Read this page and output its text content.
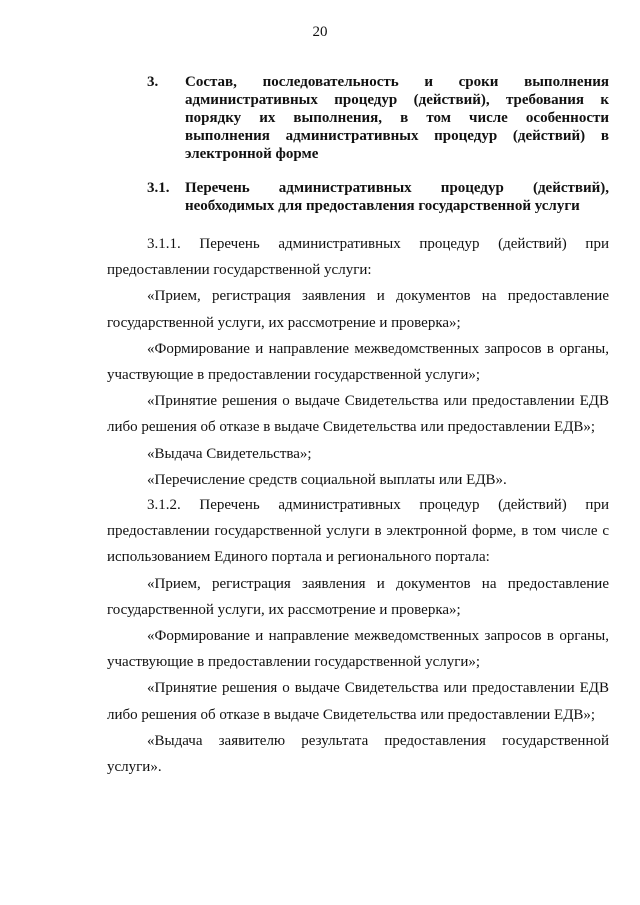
20
3. Состав, последовательность и сроки выполнения административных процедур (действий), требования к порядку их выполнения, в том числе особенности выполнения административных процедур (действий) в электронной форме
3.1. Перечень административных процедур (действий), необходимых для предоставления государственной услуги

3.1.1. Перечень административных процедур (действий) при предоставлении государственной услуги:

«Прием, регистрация заявления и документов на предоставление государственной услуги, их рассмотрение и проверка»;

«Формирование и направление межведомственных запросов в органы, участвующие в предоставлении государственной услуги»;

«Принятие решения о выдаче Свидетельства или предоставлении ЕДВ либо решения об отказе в выдаче Свидетельства или предоставлении ЕДВ»;

«Выдача Свидетельства»;

«Перечисление средств социальной выплаты или ЕДВ».

3.1.2. Перечень административных процедур (действий) при предоставлении государственной услуги в электронной форме, в том числе с использованием Единого портала и регионального портала:

«Прием, регистрация заявления и документов на предоставление государственной услуги, их рассмотрение и проверка»;

«Формирование и направление межведомственных запросов в органы, участвующие в предоставлении государственной услуги»;

«Принятие решения о выдаче Свидетельства или предоставлении ЕДВ либо решения об отказе в выдаче Свидетельства или предоставлении ЕДВ»;

«Выдача заявителю результата предоставления государственной услуги».
